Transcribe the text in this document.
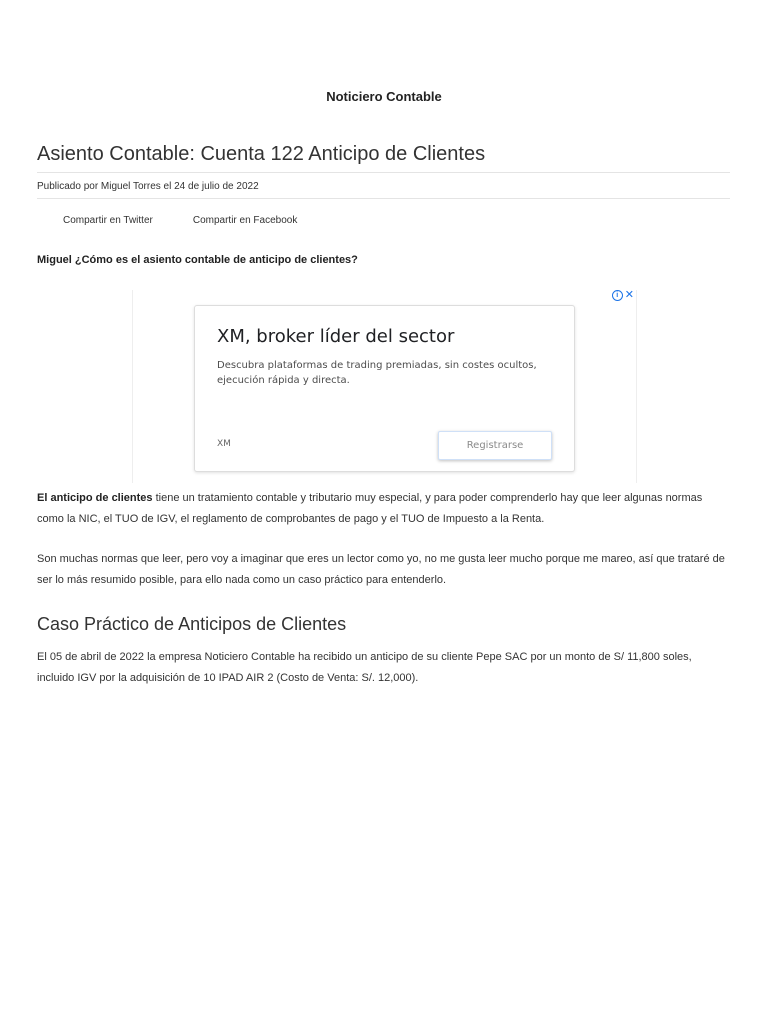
Noticiero Contable
Asiento Contable: Cuenta 122 Anticipo de Clientes
Publicado por Miguel Torres el 24 de julio de 2022
Compartir en Twitter	Compartir en Facebook
Miguel ¿Cómo es el asiento contable de anticipo de clientes?
i ✕
XM, broker líder del sector
Descubra plataformas de trading premiadas, sin costes ocultos, ejecución rápida y directa.
XM	Registrarse

El anticipo de clientes tiene un tratamiento contable y tributario muy especial, y para poder comprenderlo hay que leer algunas normas como la NIC, el TUO de IGV, el reglamento de comprobantes de pago y el TUO de Impuesto a la Renta.

Son muchas normas que leer, pero voy a imaginar que eres un lector como yo, no me gusta leer mucho porque me mareo, así que trataré de ser lo más resumido posible, para ello nada como un caso práctico para entenderlo.

Caso Práctico de Anticipos de Clientes

El 05 de abril de 2022 la empresa Noticiero Contable ha recibido un anticipo de su cliente Pepe SAC por un monto de S/ 11,800 soles, incluido IGV por la adquisición de 10 IPAD AIR 2 (Costo de Venta: S/. 12,000).
